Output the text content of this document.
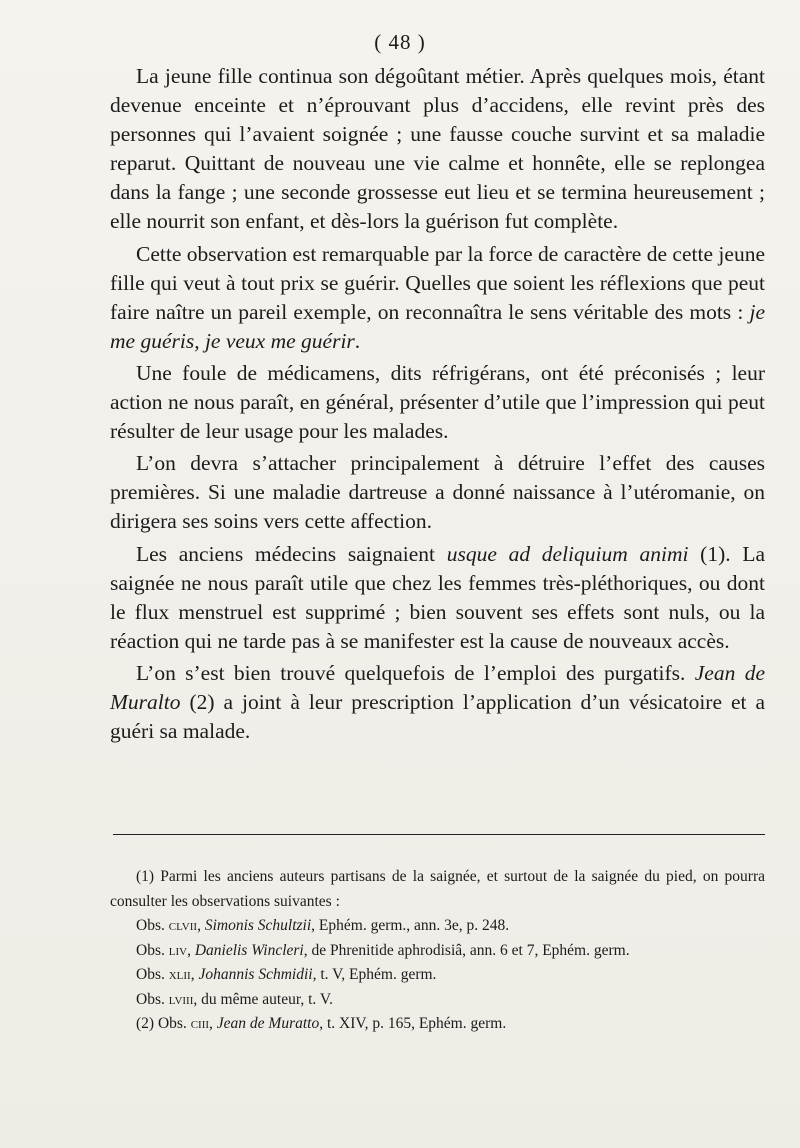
( 48 )

La jeune fille continua son dégoûtant métier. Après quelques mois, étant devenue enceinte et n’éprouvant plus d’accidens, elle revint près des personnes qui l’avaient soignée ; une fausse couche survint et sa maladie reparut. Quittant de nouveau une vie calme et honnête, elle se replongea dans la fange ; une seconde grossesse eut lieu et se termina heureusement ; elle nourrit son enfant, et dès-lors la guérison fut complète.

Cette observation est remarquable par la force de caractère de cette jeune fille qui veut à tout prix se guérir. Quelles que soient les réflexions que peut faire naître un pareil exemple, on reconnaîtra le sens véritable des mots : je me guéris, je veux me guérir.

Une foule de médicamens, dits réfrigérans, ont été préconisés ; leur action ne nous paraît, en général, présenter d’utile que l’impression qui peut résulter de leur usage pour les malades.

L’on devra s’attacher principalement à détruire l’effet des causes premières. Si une maladie dartreuse a donné naissance à l’utéromanie, on dirigera ses soins vers cette affection.

Les anciens médecins saignaient usque ad deliquium animi (1). La saignée ne nous paraît utile que chez les femmes très-pléthoriques, ou dont le flux menstruel est supprimé ; bien souvent ses effets sont nuls, ou la réaction qui ne tarde pas à se manifester est la cause de nouveaux accès.

L’on s’est bien trouvé quelquefois de l’emploi des purgatifs. Jean de Muralto (2) a joint à leur prescription l’application d’un vésicatoire et a guéri sa malade.

(1) Parmi les anciens auteurs partisans de la saignée, et surtout de la saignée du pied, on pourra consulter les observations suivantes :

Obs. clvii, Simonis Schultzii, Ephém. germ., ann. 3e, p. 248.

Obs. liv, Danielis Wincleri, de Phrenitide aphrodisiâ, ann. 6 et 7, Ephém. germ.

Obs. xlii, Johannis Schmidii, t. V, Ephém. germ.

Obs. lviii, du même auteur, t. V.

(2) Obs. ciii, Jean de Muratto, t. XIV, p. 165, Ephém. germ.
